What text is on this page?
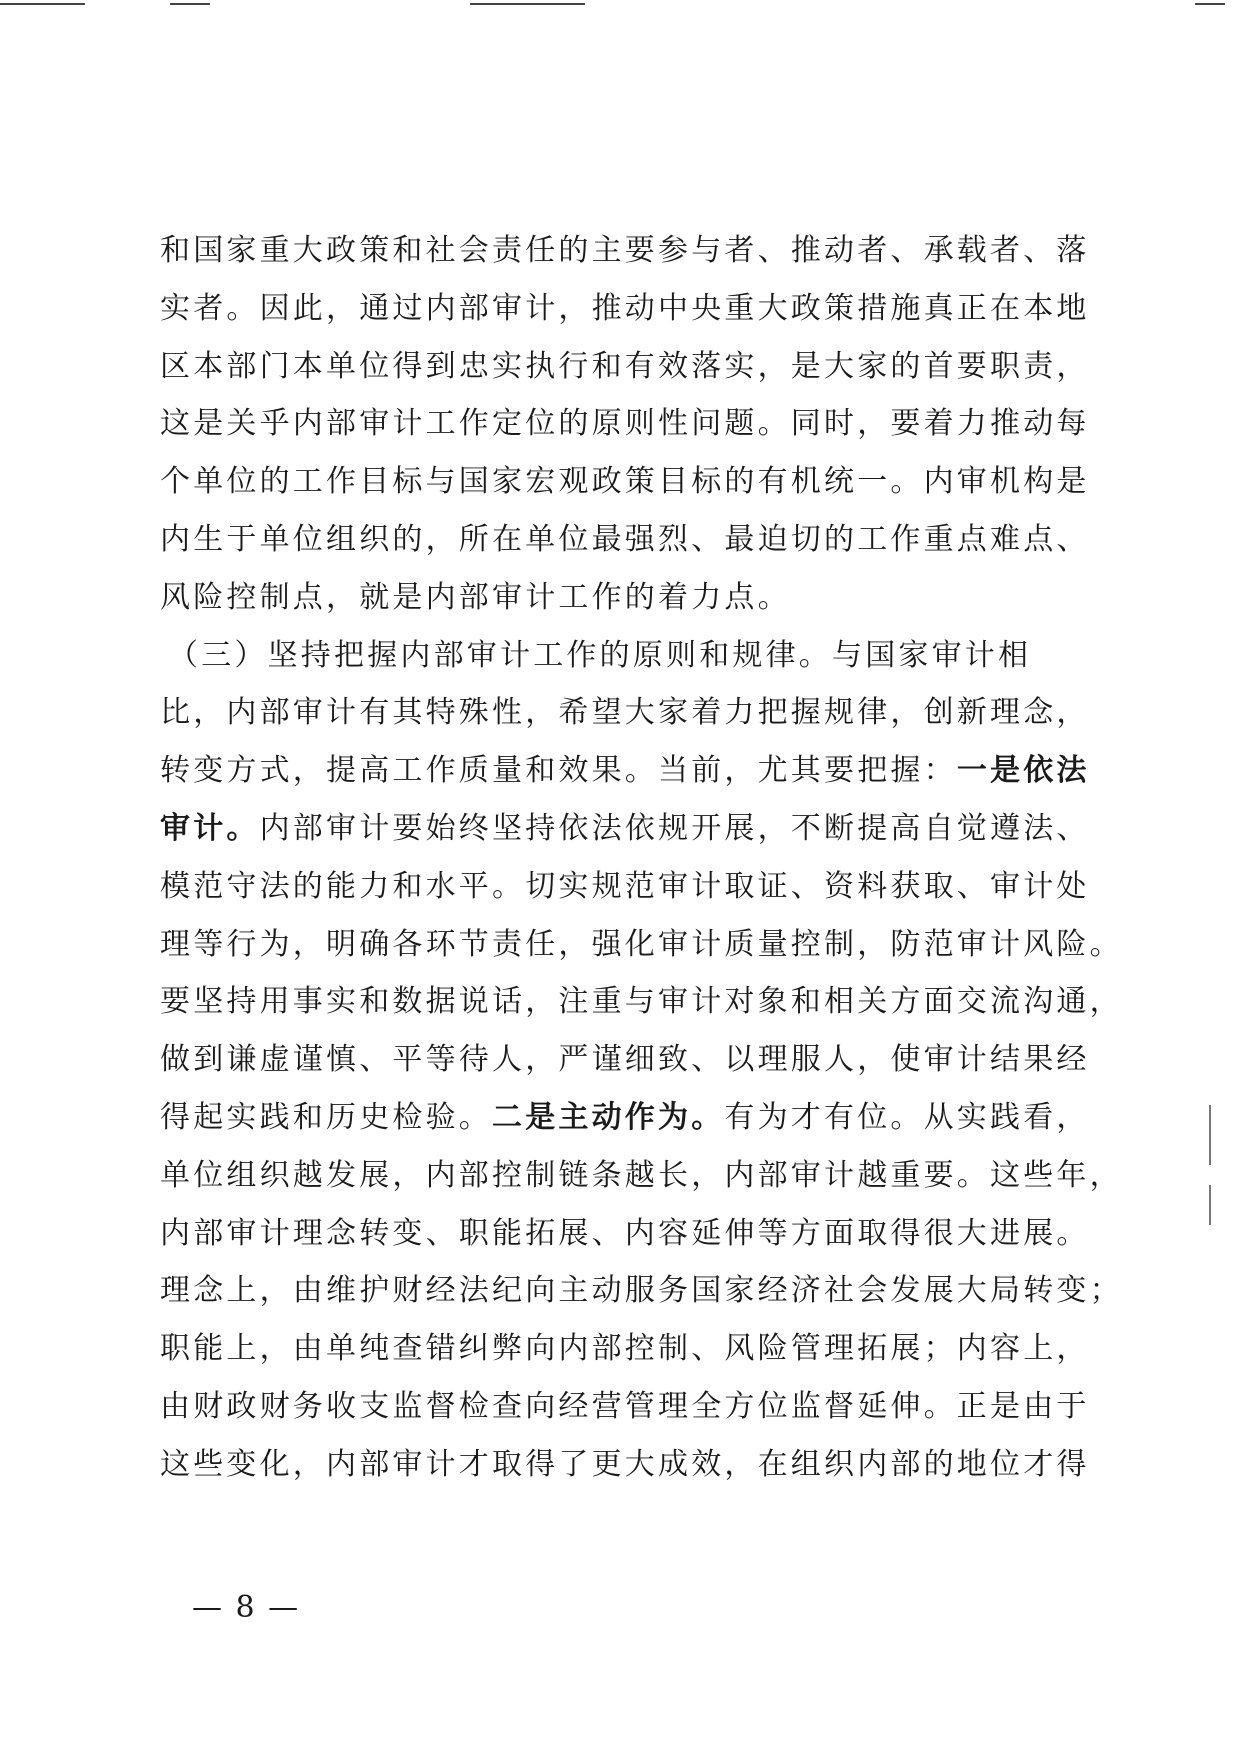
和国家重大政策和社会责任的主要参与者、推动者、承载者、落
实者。因此，通过内部审计，推动中央重大政策措施真正在本地
区本部门本单位得到忠实执行和有效落实，是大家的首要职责，
这是关乎内部审计工作定位的原则性问题。同时，要着力推动每
个单位的工作目标与国家宏观政策目标的有机统一。内审机构是
内生于单位组织的，所在单位最强烈、最迫切的工作重点难点、
风险控制点，就是内部审计工作的着力点。
（三）坚持把握内部审计工作的原则和规律。与国家审计相
比，内部审计有其特殊性，希望大家着力把握规律，创新理念，
转变方式，提高工作质量和效果。当前，尤其要把握：一是依法
审计。内部审计要始终坚持依法依规开展，不断提高自觉遵法、
模范守法的能力和水平。切实规范审计取证、资料获取、审计处
理等行为，明确各环节责任，强化审计质量控制，防范审计风险。
要坚持用事实和数据说话，注重与审计对象和相关方面交流沟通，
做到谦虚谨慎、平等待人，严谨细致、以理服人，使审计结果经
得起实践和历史检验。二是主动作为。有为才有位。从实践看，
单位组织越发展，内部控制链条越长，内部审计越重要。这些年，
内部审计理念转变、职能拓展、内容延伸等方面取得很大进展。
理念上，由维护财经法纪向主动服务国家经济社会发展大局转变；
职能上，由单纯查错纠弊向内部控制、风险管理拓展；内容上，
由财政财务收支监督检查向经营管理全方位监督延伸。正是由于
这些变化，内部审计才取得了更大成效，在组织内部的地位才得
— 8 —
